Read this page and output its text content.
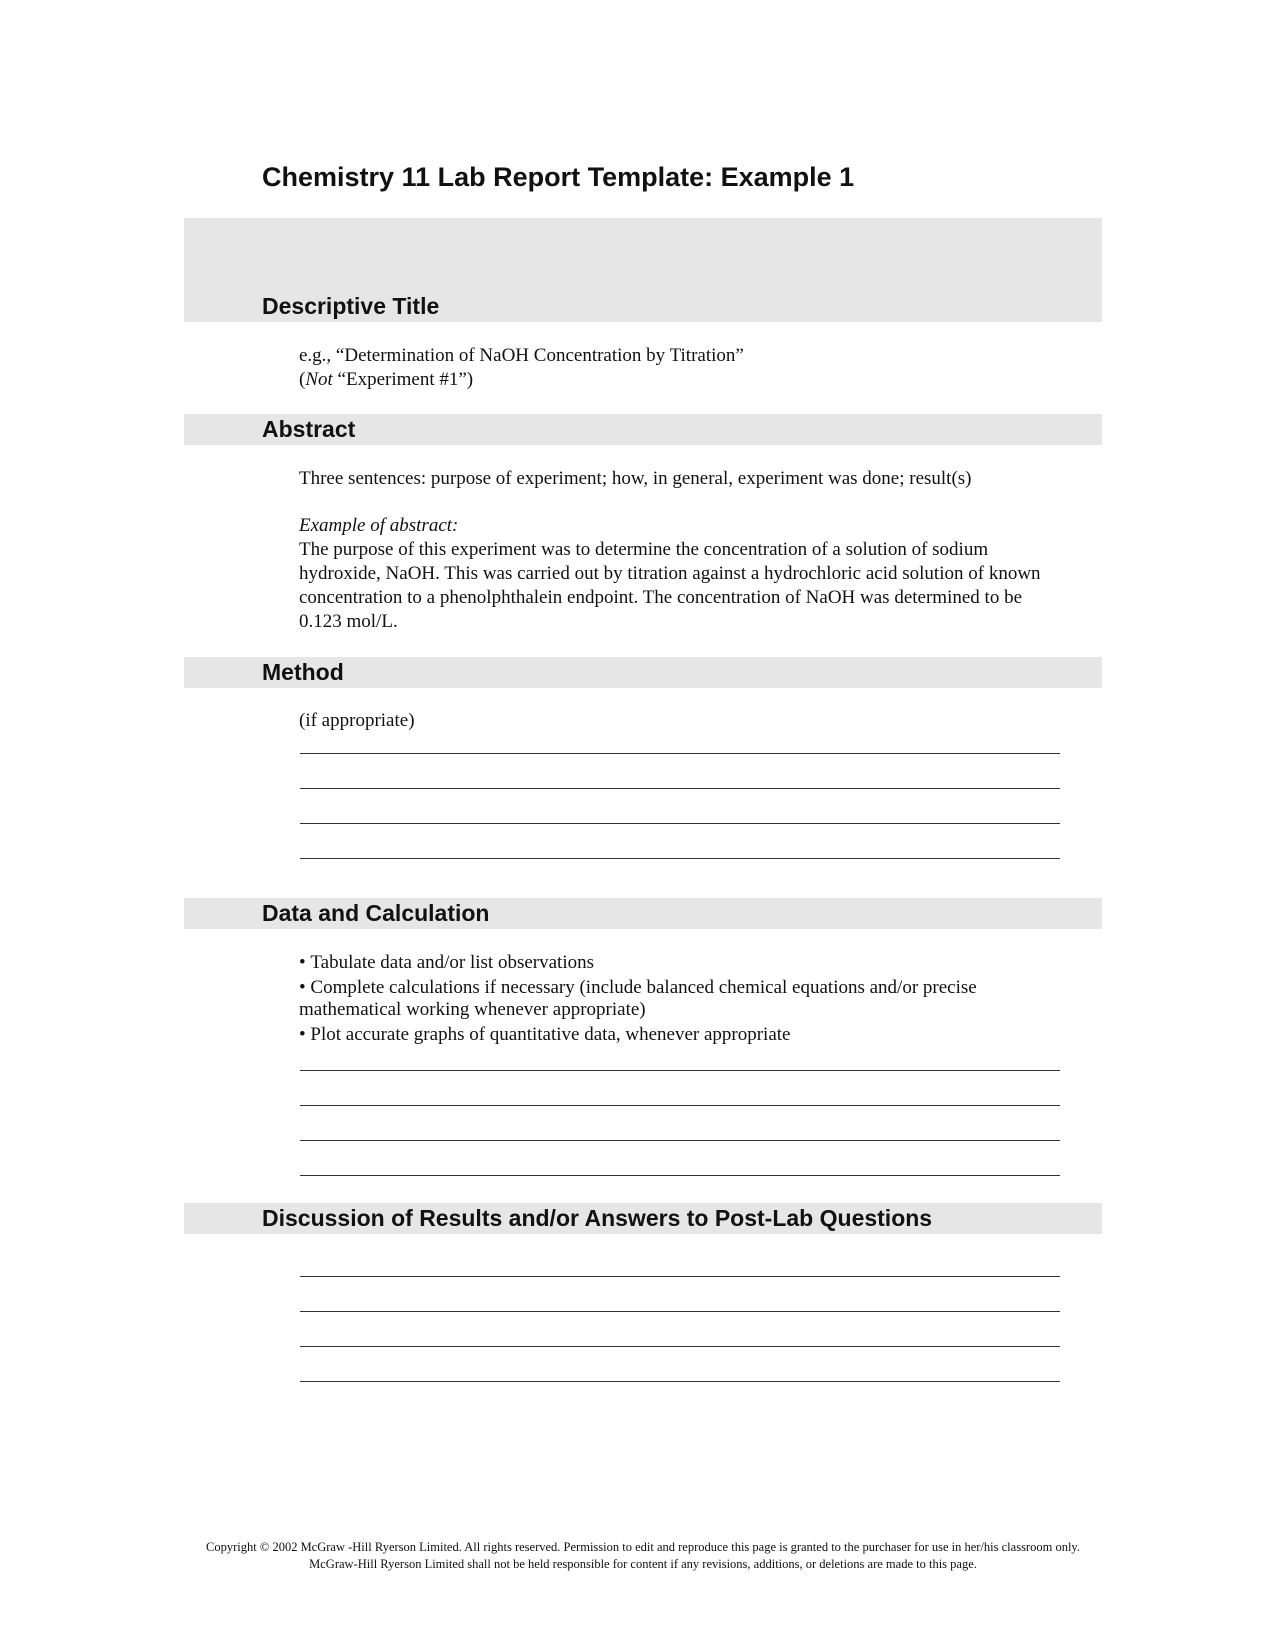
Chemistry 11 Lab Report Template: Example 1
Descriptive Title

e.g., “Determination of NaOH Concentration by Titration”

(Not “Experiment #1”)

Abstract

Three sentences: purpose of experiment; how, in general, experiment was done; result(s)

Example of abstract:

The purpose of this experiment was to determine the concentration of a solution of sodium hydroxide, NaOH. This was carried out by titration against a hydrochloric acid solution of known concentration to a phenolphthalein endpoint. The concentration of NaOH was determined to be 0.123 mol/L.

Method

(if appropriate)

Data and Calculation
• Tabulate data and/or list observations
• Complete calculations if necessary (include balanced chemical equations and/or precise mathematical working whenever appropriate)
• Plot accurate graphs of quantitative data, whenever appropriate
Discussion of Results and/or Answers to Post-Lab Questions
Copyright © 2002 McGraw -Hill Ryerson Limited. All rights reserved. Permission to edit and reproduce this page is granted to the purchaser for use in her/his classroom only. McGraw-Hill Ryerson Limited shall not be held responsible for content if any revisions, additions, or deletions are made to this page.
